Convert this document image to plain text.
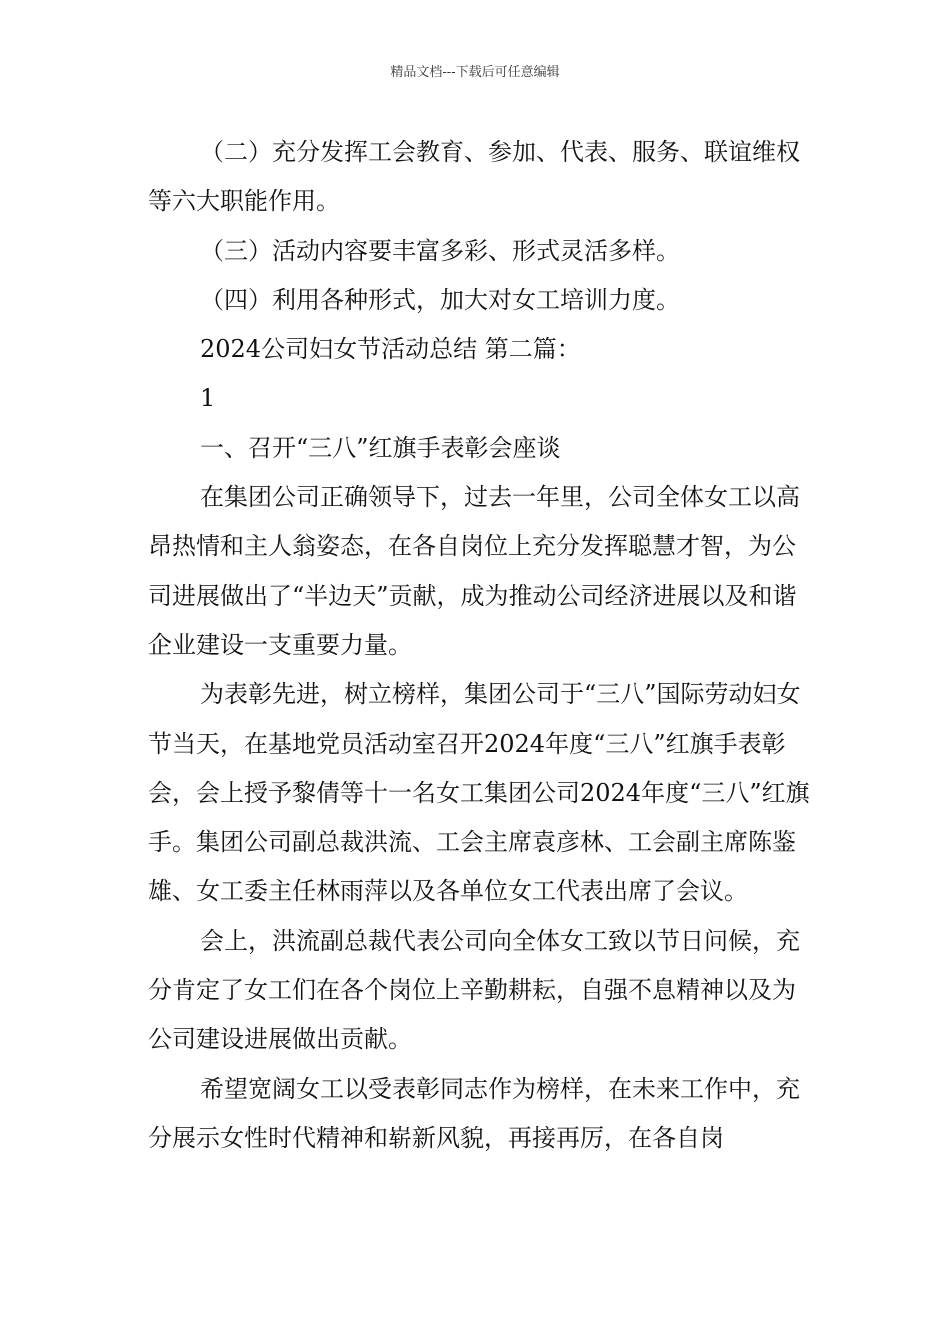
精品文档---下载后可任意编辑

（二）充分发挥工会教育、参加、代表、服务、联谊维权等六大职能作用。

（三）活动内容要丰富多彩、形式灵活多样。

（四）利用各种形式，加大对女工培训力度。

2024公司妇女节活动总结 第二篇：

1

一、召开“三八”红旗手表彰会座谈

在集团公司正确领导下，过去一年里，公司全体女工以高昂热情和主人翁姿态，在各自岗位上充分发挥聪慧才智，为公司进展做出了“半边天”贡献，成为推动公司经济进展以及和谐企业建设一支重要力量。

为表彰先进，树立榜样，集团公司于“三八”国际劳动妇女节当天，在基地党员活动室召开2024年度“三八”红旗手表彰会，会上授予黎倩等十一名女工集团公司2024年度“三八”红旗手。集团公司副总裁洪流、工会主席袁彦林、工会副主席陈鉴雄、女工委主任林雨萍以及各单位女工代表出席了会议。

会上，洪流副总裁代表公司向全体女工致以节日问候，充分肯定了女工们在各个岗位上辛勤耕耘，自强不息精神以及为公司建设进展做出贡献。

希望宽阔女工以受表彰同志作为榜样，在未来工作中，充分展示女性时代精神和崭新风貌，再接再厉，在各自岗
